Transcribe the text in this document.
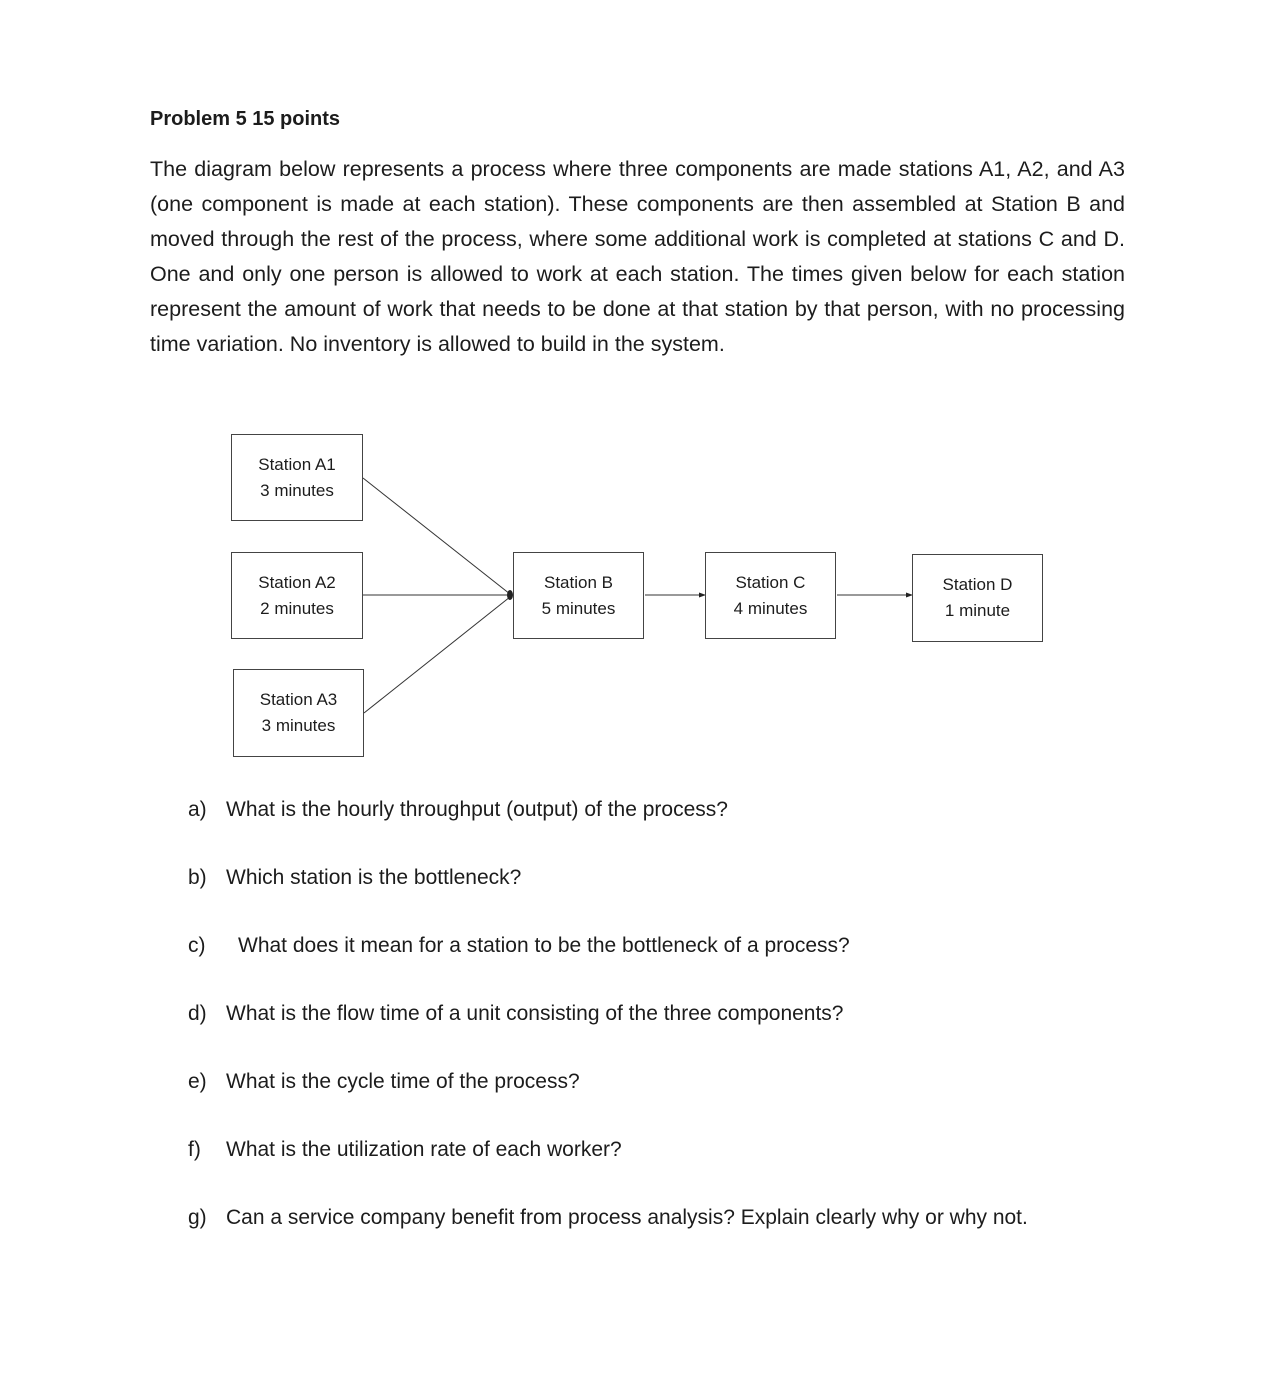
Problem 5 15 points
The diagram below represents a process where three components are made stations A1, A2, and A3 (one component is made at each station). These components are then assembled at Station B and moved through the rest of the process, where some additional work is completed at stations C and D. One and only one person is allowed to work at each station. The times given below for each station represent the amount of work that needs to be done at that station by that person, with no processing time variation. No inventory is allowed to build in the system.
Station A1
3 minutes
Station A2
2 minutes
Station A3
3 minutes
Station B
5 minutes
Station C
4 minutes
Station D
1 minute
a) What is the hourly throughput (output) of the process?
b) Which station is the bottleneck?
c)	What does it mean for a station to be the bottleneck of a process?
d) What is the flow time of a unit consisting of the three components?
e) What is the cycle time of the process?
f)	What is the utilization rate of each worker?
g) Can a service company benefit from process analysis? Explain clearly why or why not.
